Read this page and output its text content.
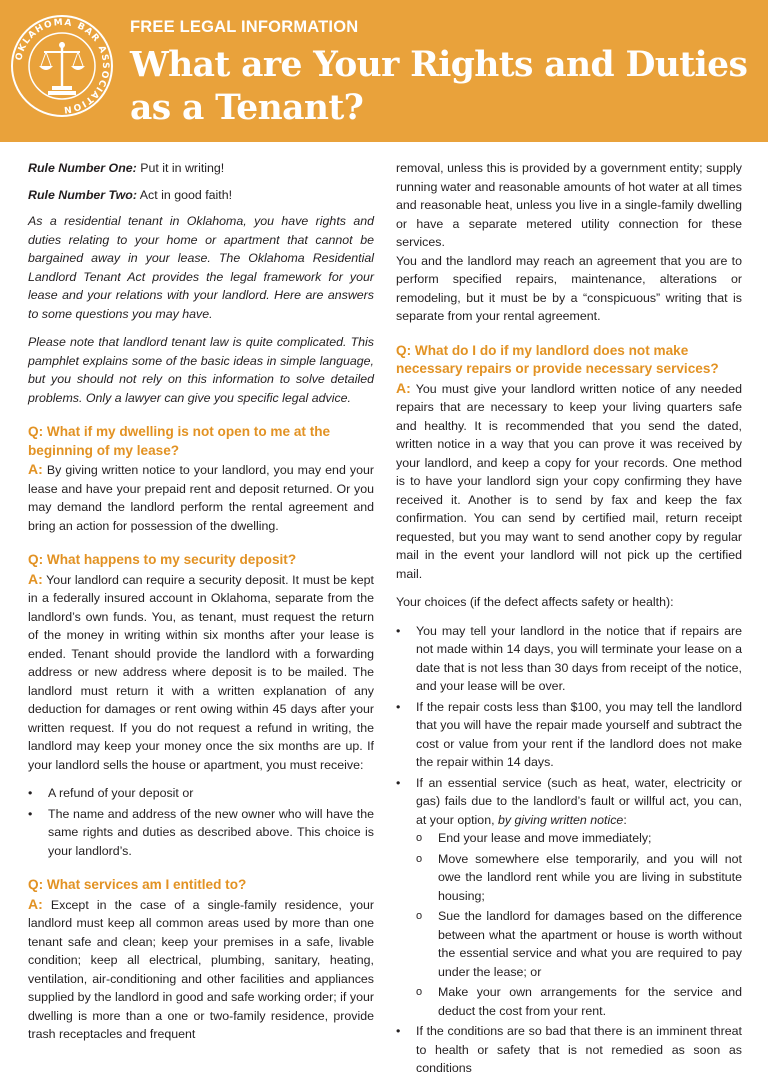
OKLAHOMA BAR ASSOCIATION
FREE LEGAL INFORMATION
What are Your Rights and Duties as a Tenant?

Rule Number One: Put it in writing!

Rule Number Two: Act in good faith!

As a residential tenant in Oklahoma, you have rights and duties relating to your home or apartment that cannot be bargained away in your lease. The Oklahoma Residential Landlord Tenant Act provides the legal framework for your lease and your relations with your landlord. Here are answers to some questions you may have.

Please note that landlord tenant law is quite complicated. This pamphlet explains some of the basic ideas in simple language, but you should not rely on this information to solve detailed problems. Only a lawyer can give you specific legal advice.

Q: What if my dwelling is not open to me at the beginning of my lease?

A: By giving written notice to your landlord, you may end your lease and have your prepaid rent and deposit returned. Or you may demand the landlord perform the rental agreement and bring an action for possession of the dwelling.

Q: What happens to my security deposit?

A: Your landlord can require a security deposit. It must be kept in a federally insured account in Oklahoma, separate from the landlord’s own funds. You, as tenant, must request the return of the money in writing within six months after your lease is ended. Tenant should provide the landlord with a forwarding address or new address where deposit is to be mailed. The landlord must return it with a written explanation of any deduction for damages or rent owing within 45 days after your written request. If you do not request a refund in writing, the landlord may keep your money once the six months are up. If your landlord sells the house or apartment, you must receive:

• A refund of your deposit or
• The name and address of the new owner who will have the same rights and duties as described above. This choice is your landlord’s.
Q: What services am I entitled to?

A: Except in the case of a single-family residence, your landlord must keep all common areas used by more than one tenant safe and clean; keep your premises in a safe, livable condition; keep all electrical, plumbing, sanitary, heating, ventilation, air-conditioning and other facilities and appliances supplied by the landlord in good and safe working order; if your dwelling is more than a one or two-family residence, provide trash receptacles and frequent

removal, unless this is provided by a government entity; supply running water and reasonable amounts of hot water at all times and reasonable heat, unless you live in a single-family dwelling or have a separate metered utility connection for these services.

You and the landlord may reach an agreement that you are to perform specified repairs, maintenance, alterations or remodeling, but it must be by a “conspicuous” writing that is separate from your rental agreement.

Q: What do I do if my landlord does not make necessary repairs or provide necessary services?

A: You must give your landlord written notice of any needed repairs that are necessary to keep your living quarters safe and healthy. It is recommended that you send the dated, written notice in a way that you can prove it was received by your landlord, and keep a copy for your records. One method is to have your landlord sign your copy confirming they have received it. Another is to send by fax and keep the fax confirmation. You can send by certified mail, return receipt requested, but you may want to send another copy by regular mail in the event your landlord will not pick up the certified mail.

Your choices (if the defect affects safety or health):

• You may tell your landlord in the notice that if repairs are not made within 14 days, you will terminate your lease on a date that is not less than 30 days from receipt of the notice, and your lease will be over.
• If the repair costs less than $100, you may tell the landlord that you will have the repair made yourself and subtract the cost or value from your rent if the landlord does not make the repair within 14 days.
• If an essential service (such as heat, water, electricity or gas) fails due to the landlord’s fault or willful act, you can, at your option, by giving written notice:
o End your lease and move immediately;
o Move somewhere else temporarily, and you will not owe the landlord rent while you are living in substitute housing;
o Sue the landlord for damages based on the difference between what the apartment or house is worth without the essential service and what you are required to pay under the lease; or
o Make your own arrangements for the service and deduct the cost from your rent.
• If the conditions are so bad that there is an imminent threat to health or safety that is not remedied as soon as conditions
